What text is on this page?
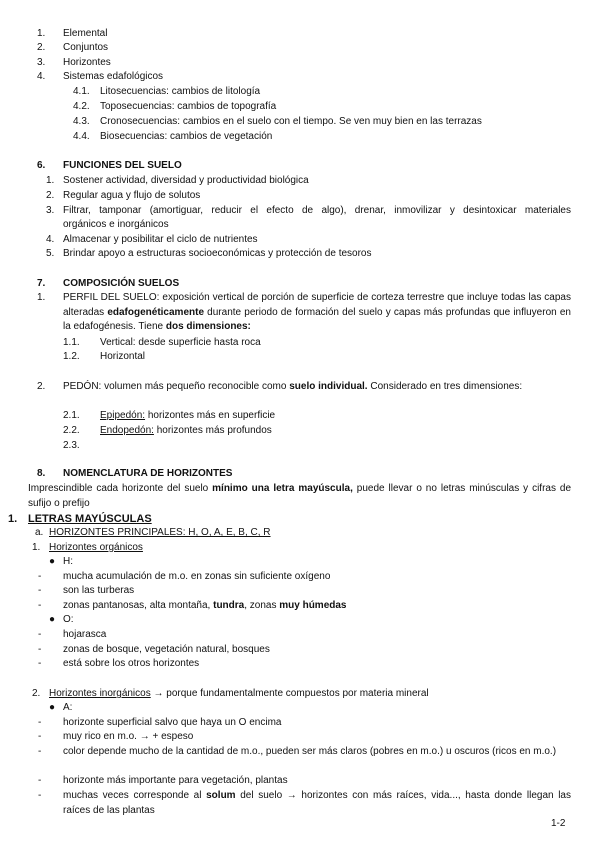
1. Elemental
2. Conjuntos
3. Horizontes
4. Sistemas edafológicos
4.1. Litosecuencias: cambios de litología
4.2. Toposecuencias: cambios de topografía
4.3. Cronosecuencias: cambios en el suelo con el tiempo. Se ven muy bien en las terrazas
4.4. Biosecuencias: cambios de vegetación
6. FUNCIONES DEL SUELO
1. Sostener actividad, diversidad y productividad biológica
2. Regular agua y flujo de solutos
3. Filtrar, tamponar (amortiguar, reducir el efecto de algo), drenar, inmovilizar y desintoxicar materiales
orgánicos e inorgánicos
4. Almacenar y posibilitar el ciclo de nutrientes
5. Brindar apoyo a estructuras socioeconómicas y protección de tesoros
7. COMPOSICIÓN SUELOS
1. PERFIL DEL SUELO: exposición vertical de porción de superficie de corteza terrestre que incluye todas las capas alteradas edafogenéticamente durante periodo de formación del suelo y capas más profundas que influyeron en la edafogénesis. Tiene dos dimensiones:
1.1. Vertical: desde superficie hasta roca
1.2. Horizontal
2. PEDÓN: volumen más pequeño reconocible como suelo individual. Considerado en tres dimensiones:
2.1. Epipedón: horizontes más en superficie
2.2. Endopedón: horizontes más profundos
2.3.
8. NOMENCLATURA DE HORIZONTES
Imprescindible cada horizonte del suelo mínimo una letra mayúscula, puede llevar o no letras minúsculas y cifras de sufijo o prefijo
1. LETRAS MAYÚSCULAS
a. HORIZONTES PRINCIPALES: H, O, A, E, B, C, R
1. Horizontes orgánicos
● H:
- mucha acumulación de m.o. en zonas sin suficiente oxígeno
- son las turberas
- zonas pantanosas, alta montaña, tundra, zonas muy húmedas
● O:
- hojarasca
- zonas de bosque, vegetación natural, bosques
- está sobre los otros horizontes
2. Horizontes inorgánicos → porque fundamentalmente compuestos por materia mineral
● A:
- horizonte superficial salvo que haya un O encima
- muy rico en m.o. → + espeso
- color depende mucho de la cantidad de m.o., pueden ser más claros (pobres en m.o.) u oscuros (ricos en m.o.)
- horizonte más importante para vegetación, plantas
- muchas veces corresponde al solum del suelo → horizontes con más raíces, vida..., hasta donde llegan las raíces de las plantas
1-2
